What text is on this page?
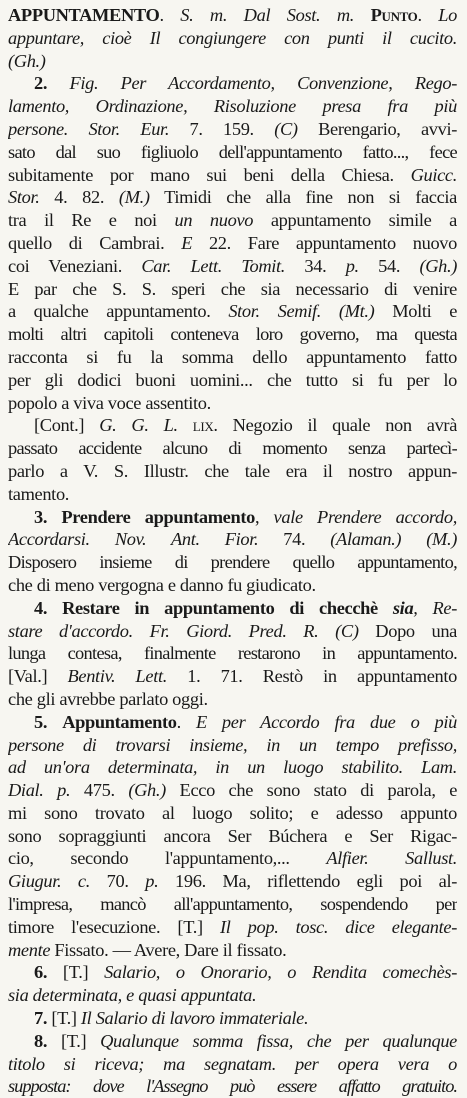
APPUNTAMENTO. S. m. Dal Sost. m. Punto. Lo
appuntare, cioè Il congiungere con punti il cucito.
(Gh.)
2. Fig. Per Accordamento, Convenzione, Rego-
lamento, Ordinazione, Risoluzione presa fra più
persone. Stor. Eur. 7. 159. (C) Berengario, avvi-
sato dal suo figliuolo dell'appuntamento fatto..., fece
subitamente por mano sui beni della Chiesa. Guicc.
Stor. 4. 82. (M.) Timidi che alla fine non si faccia
tra il Re e noi un nuovo appuntamento simile a
quello di Cambrai. E 22. Fare appuntamento nuovo
coi Veneziani. Car. Lett. Tomit. 34. p. 54. (Gh.)
E par che S. S. speri che sia necessario di venire
a qualche appuntamento. Stor. Semif. (Mt.) Molti e
molti altri capitoli conteneva loro governo, ma questa
racconta si fu la somma dello appuntamento fatto
per gli dodici buoni uomini... che tutto si fu per lo
popolo a viva voce assentito.
[Cont.] G. G. L. lix. Negozio il quale non avrà
passato accidente alcuno di momento senza partecì-
parlo a V. S. Illustr. che tale era il nostro appun-
tamento.
3. Prendere appuntamento, vale Prendere accordo,
Accordarsi. Nov. Ant. Fior. 74. (Alaman.) (M.)
Disposero insieme di prendere quello appuntamento,
che di meno vergogna e danno fu giudicato.
4. Restare in appuntamento di checchè sia, Re-
stare d'accordo. Fr. Giord. Pred. R. (C) Dopo una
lunga contesa, finalmente restarono in appuntamento.
[Val.] Bentiv. Lett. 1. 71. Restò in appuntamento
che gli avrebbe parlato oggi.
5. Appuntamento. E per Accordo fra due o più
persone di trovarsi insieme, in un tempo prefisso,
ad un'ora determinata, in un luogo stabilito. Lam.
Dial. p. 475. (Gh.) Ecco che sono stato di parola, e
mi sono trovato al luogo solito; e adesso appunto
sono sopraggiunti ancora Ser Búchera e Ser Rigac-
cio, secondo l'appuntamento,... Alfier. Sallust.
Giugur. c. 70. p. 196. Ma, riflettendo egli poi al-
l'impresa, mancò all'appuntamento, sospendendo per
timore l'esecuzione. [T.] Il pop. tosc. dice elegante-
mente Fissato. — Avere, Dare il fissato.
6. [T.] Salario, o Onorario, o Rendita comechès-
sia determinata, e quasi appuntata.
7. [T.] Il Salario di lavoro immateriale.
8. [T.] Qualunque somma fissa, che per qualunque
titolo si riceva; ma segnatam. per opera vera o
supposta: dove l'Assegno può essere affatto gratuito.
